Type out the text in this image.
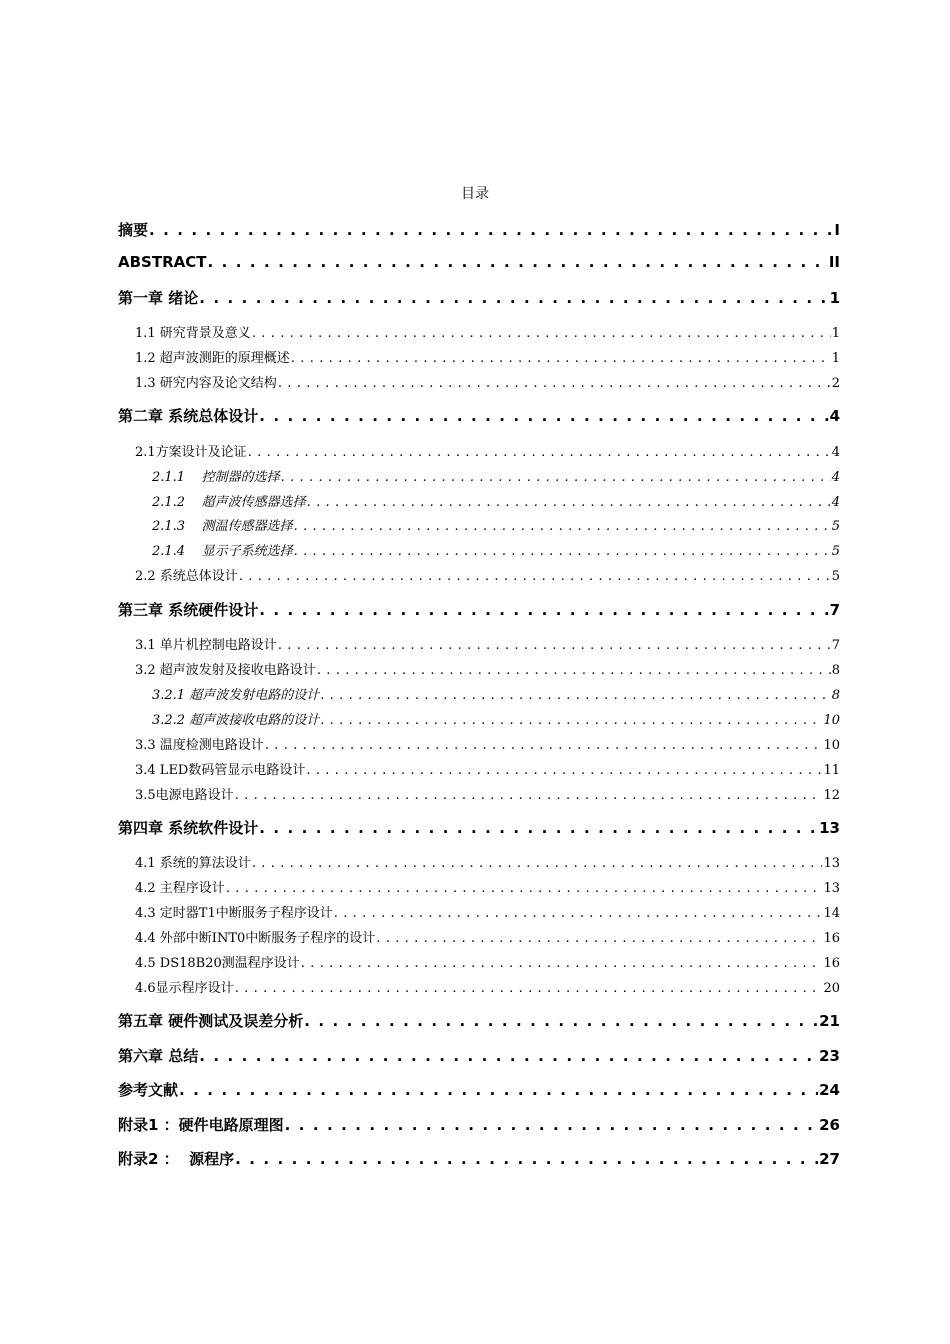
目录
摘要 . . .	I
ABSTRACT . . .	II
第一章 绪论 . . .	1
1.1 研究背景及意义 . . .	1
1.2 超声波测距的原理概述 . . .	1
1.3 研究内容及论文结构 . . .	2
第二章 系统总体设计 . . .	4
2.1方案设计及论证 . . .	4
2.1.1    控制器的选择 . . .	4
2.1.2    超声波传感器选择 . . .	4
2.1.3    测温传感器选择 . . .	5
2.1.4    显示子系统选择 . . .	5
2.2 系统总体设计 . . .	5
第三章 系统硬件设计 . . .	7
3.1 单片机控制电路设计 . . .	7
3.2 超声波发射及接收电路设计 . . .	8
3.2.1 超声波发射电路的设计 . . .	8
3.2.2 超声波接收电路的设计 . . .	10
3.3 温度检测电路设计 . . .	10
3.4 LED数码管显示电路设计 . . .	11
3.5电源电路设计 . . .	12
第四章 系统软件设计 . . .	13
4.1 系统的算法设计 . . .	13
4.2 主程序设计 . . .	13
4.3 定时器T1中断服务子程序设计 . . .	14
4.4 外部中断INT0中断服务子程序的设计 . . .	16
4.5 DS18B20测温程序设计 . . .	16
4.6显示程序设计 . . .	20
第五章 硬件测试及误差分析 . . .	21
第六章 总结 . . .	23
参考文献 . . .	24
附录1 ：硬件电路原理图 . . .	26
附录2 ：  源程序 . . .	27
